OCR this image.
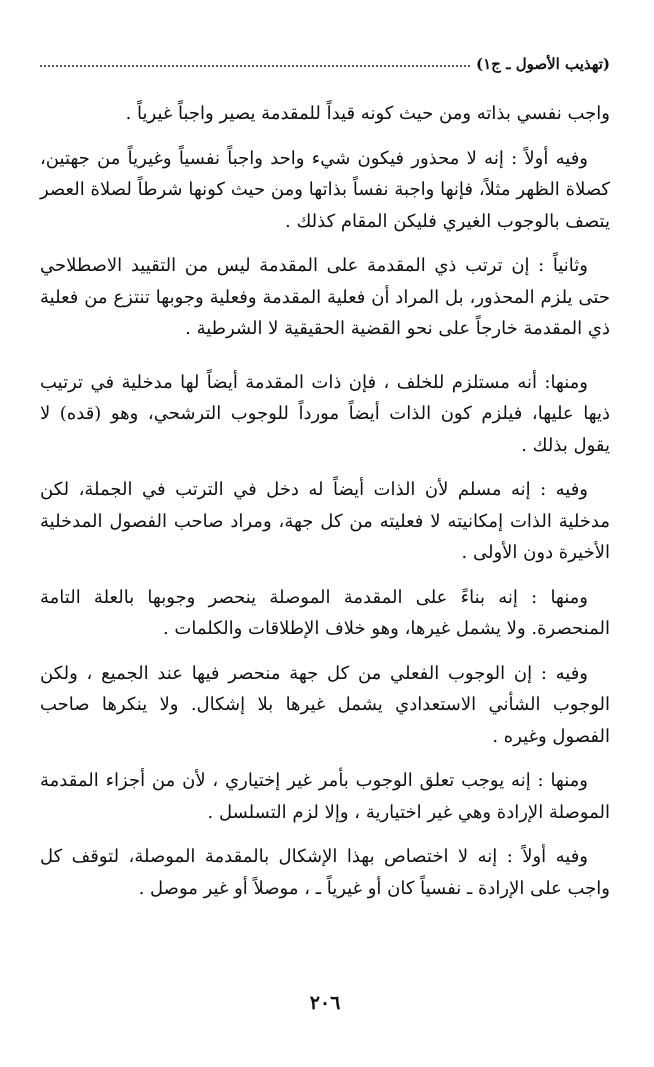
(تهذيب الأصول ـ ج١)

واجب نفسي بذاته ومن حيث كونه قيداً للمقدمة يصير واجباً غيرياً .

وفيه أولاً : إنه لا محذور فيكون شيء واحد واجباً نفسياً وغيرياً من جهتين، كصلاة الظهر مثلاً، فإنها واجبة نفساً بذاتها ومن حيث كونها شرطاً لصلاة العصر يتصف بالوجوب الغيري فليكن المقام كذلك .

وثانياً : إن ترتب ذي المقدمة على المقدمة ليس من التقييد الاصطلاحي حتى يلزم المحذور، بل المراد أن فعلية المقدمة وفعلية وجوبها تنتزع من فعلية ذي المقدمة خارجاً على نحو القضية الحقيقية لا الشرطية .

ومنها: أنه مستلزم للخلف ، فإن ذات المقدمة أيضاً لها مدخلية في ترتيب ذيها عليها، فيلزم كون الذات أيضاً مورداً للوجوب الترشحي، وهو (قده) لا يقول بذلك .

وفيه : إنه مسلم لأن الذات أيضاً له دخل في الترتب في الجملة، لكن مدخلية الذات إمكانيته لا فعليته من كل جهة، ومراد صاحب الفصول المدخلية الأخيرة دون الأولى .

ومنها : إنه بناءً على المقدمة الموصلة ينحصر وجوبها بالعلة التامة المنحصرة. ولا يشمل غيرها، وهو خلاف الإطلاقات والكلمات .

وفيه : إن الوجوب الفعلي من كل جهة منحصر فيها عند الجميع ، ولكن الوجوب الشأني الاستعدادي يشمل غيرها بلا إشكال. ولا ينكرها صاحب الفصول وغيره .

ومنها : إنه يوجب تعلق الوجوب بأمر غير إختياري ، لأن من أجزاء المقدمة الموصلة الإرادة وهي غير اختيارية ، وإلا لزم التسلسل .

وفيه أولاً : إنه لا اختصاص بهذا الإشكال بالمقدمة الموصلة، لتوقف كل واجب على الإرادة ـ نفسياً كان أو غيرياً ـ ، موصلاً أو غير موصل .

٢٠٦
